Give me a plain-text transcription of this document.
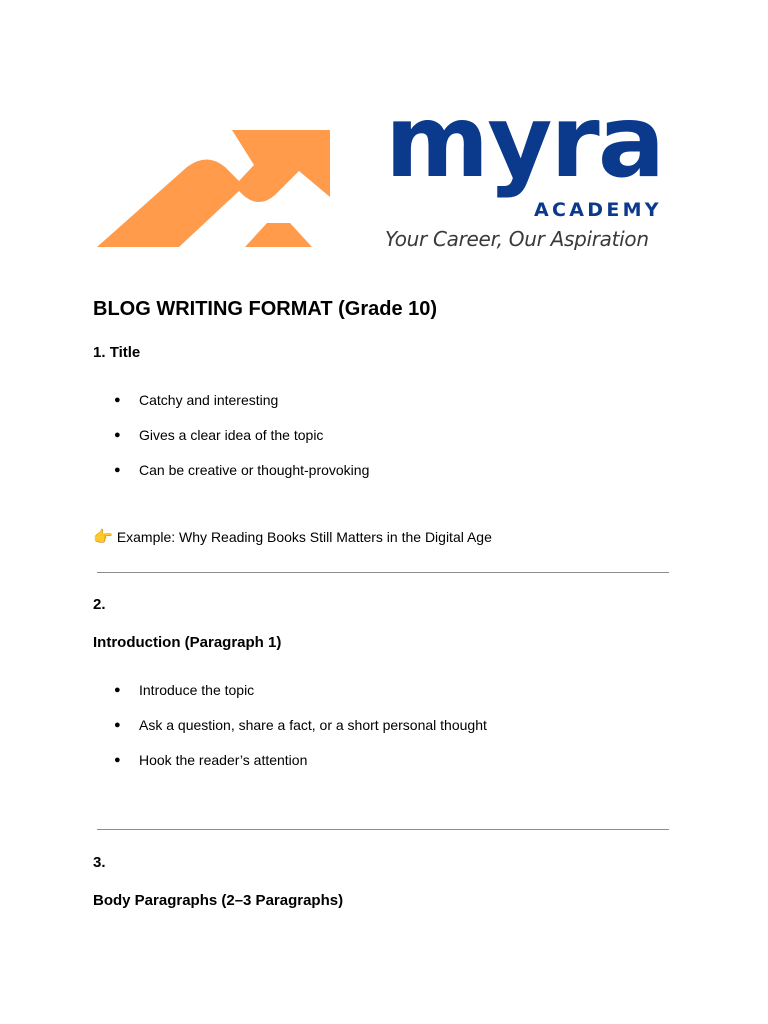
myra
ACADEMY
Your Career, Our Aspiration
BLOG WRITING FORMAT (Grade 10)
1. Title
● Catchy and interesting
● Gives a clear idea of the topic
● Can be creative or thought-provoking
👉 Example: Why Reading Books Still Matters in the Digital Age
2.
Introduction (Paragraph 1)
● Introduce the topic
● Ask a question, share a fact, or a short personal thought
● Hook the reader’s attention
3.
Body Paragraphs (2–3 Paragraphs)
